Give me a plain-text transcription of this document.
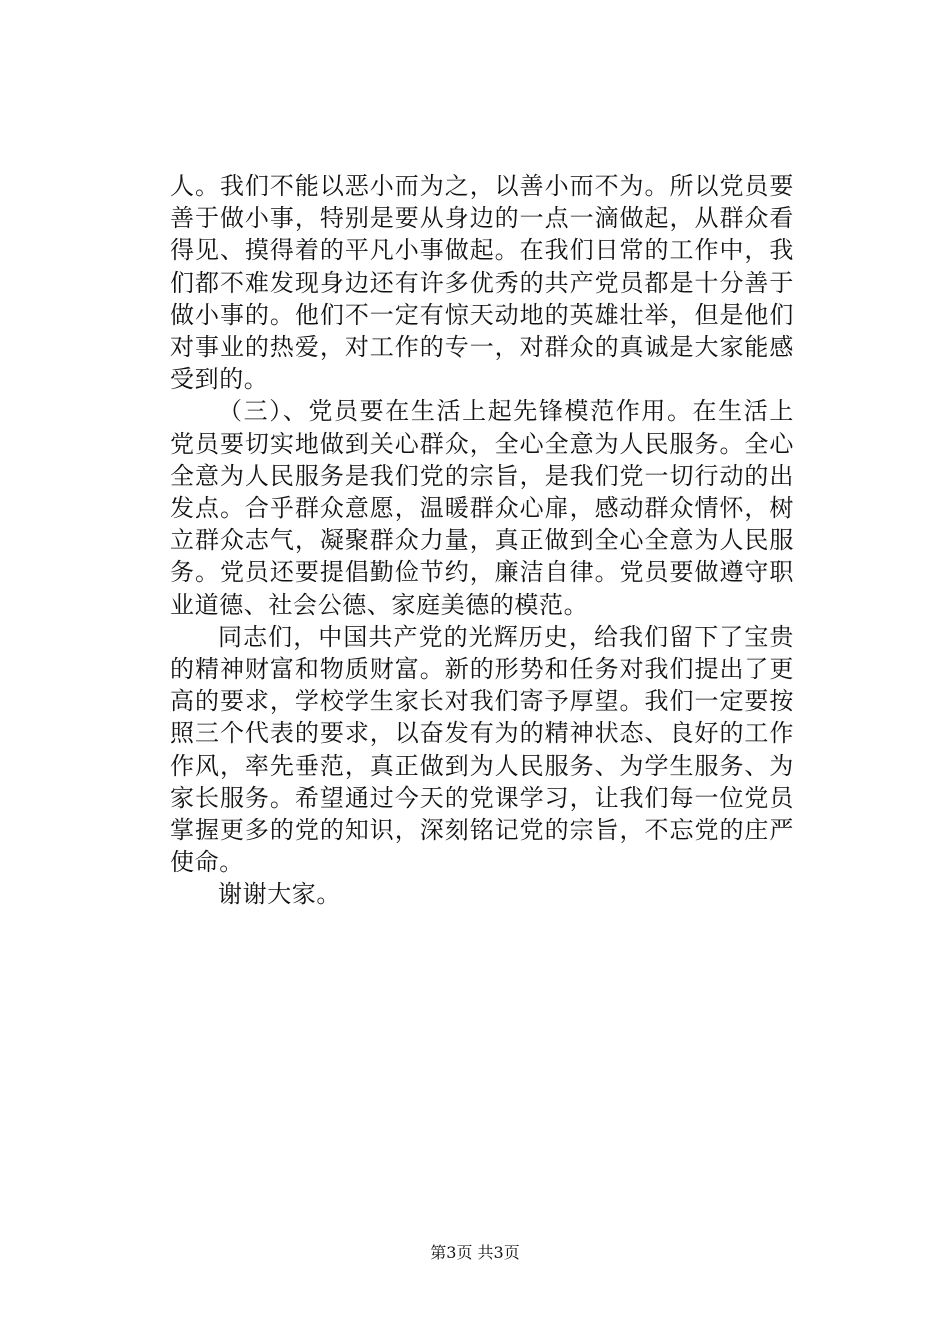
人。我们不能以恶小而为之，以善小而不为。所以党员要善于做小事，特别是要从身边的一点一滴做起，从群众看得见、摸得着的平凡小事做起。在我们日常的工作中，我们都不难发现身边还有许多优秀的共产党员都是十分善于做小事的。他们不一定有惊天动地的英雄壮举，但是他们对事业的热爱，对工作的专一，对群众的真诚是大家能感受到的。

（三）、党员要在生活上起先锋模范作用。在生活上党员要切实地做到关心群众，全心全意为人民服务。全心全意为人民服务是我们党的宗旨，是我们党一切行动的出发点。合乎群众意愿，温暖群众心扉，感动群众情怀，树立群众志气，凝聚群众力量，真正做到全心全意为人民服务。党员还要提倡勤俭节约，廉洁自律。党员要做遵守职业道德、社会公德、家庭美德的模范。

同志们，中国共产党的光辉历史，给我们留下了宝贵的精神财富和物质财富。新的形势和任务对我们提出了更高的要求，学校学生家长对我们寄予厚望。我们一定要按照三个代表的要求，以奋发有为的精神状态、良好的工作作风，率先垂范，真正做到为人民服务、为学生服务、为家长服务。希望通过今天的党课学习，让我们每一位党员掌握更多的党的知识，深刻铭记党的宗旨，不忘党的庄严使命。

谢谢大家。

第3页 共3页
